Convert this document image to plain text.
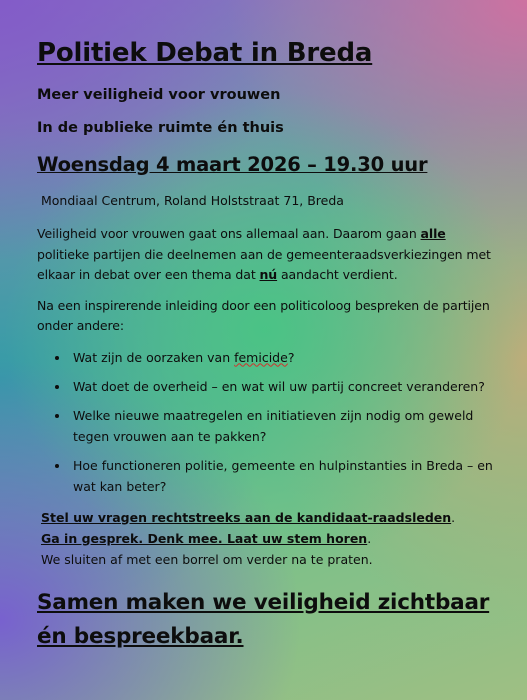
Politiek Debat in Breda
Meer veiligheid voor vrouwen
In de publieke ruimte én thuis
Woensdag 4 maart 2026 – 19.30 uur
Mondiaal Centrum, Roland Holststraat 71, Breda

Veiligheid voor vrouwen gaat ons allemaal aan. Daarom gaan alle politieke partijen die deelnemen aan de gemeenteraadsverkiezingen met elkaar in debat over een thema dat nú aandacht verdient.

Na een inspirerende inleiding door een politicoloog bespreken de partijen onder andere:

Wat zijn de oorzaken van femicide?
Wat doet de overheid – en wat wil uw partij concreet veranderen?
Welke nieuwe maatregelen en initiatieven zijn nodig om geweld tegen vrouwen aan te pakken?
Hoe functioneren politie, gemeente en hulpinstanties in Breda – en wat kan beter?
Stel uw vragen rechtstreeks aan de kandidaat-raadsleden.
Ga in gesprek. Denk mee. Laat uw stem horen.
We sluiten af met een borrel om verder na te praten.
Samen maken we veiligheid zichtbaar én bespreekbaar.
